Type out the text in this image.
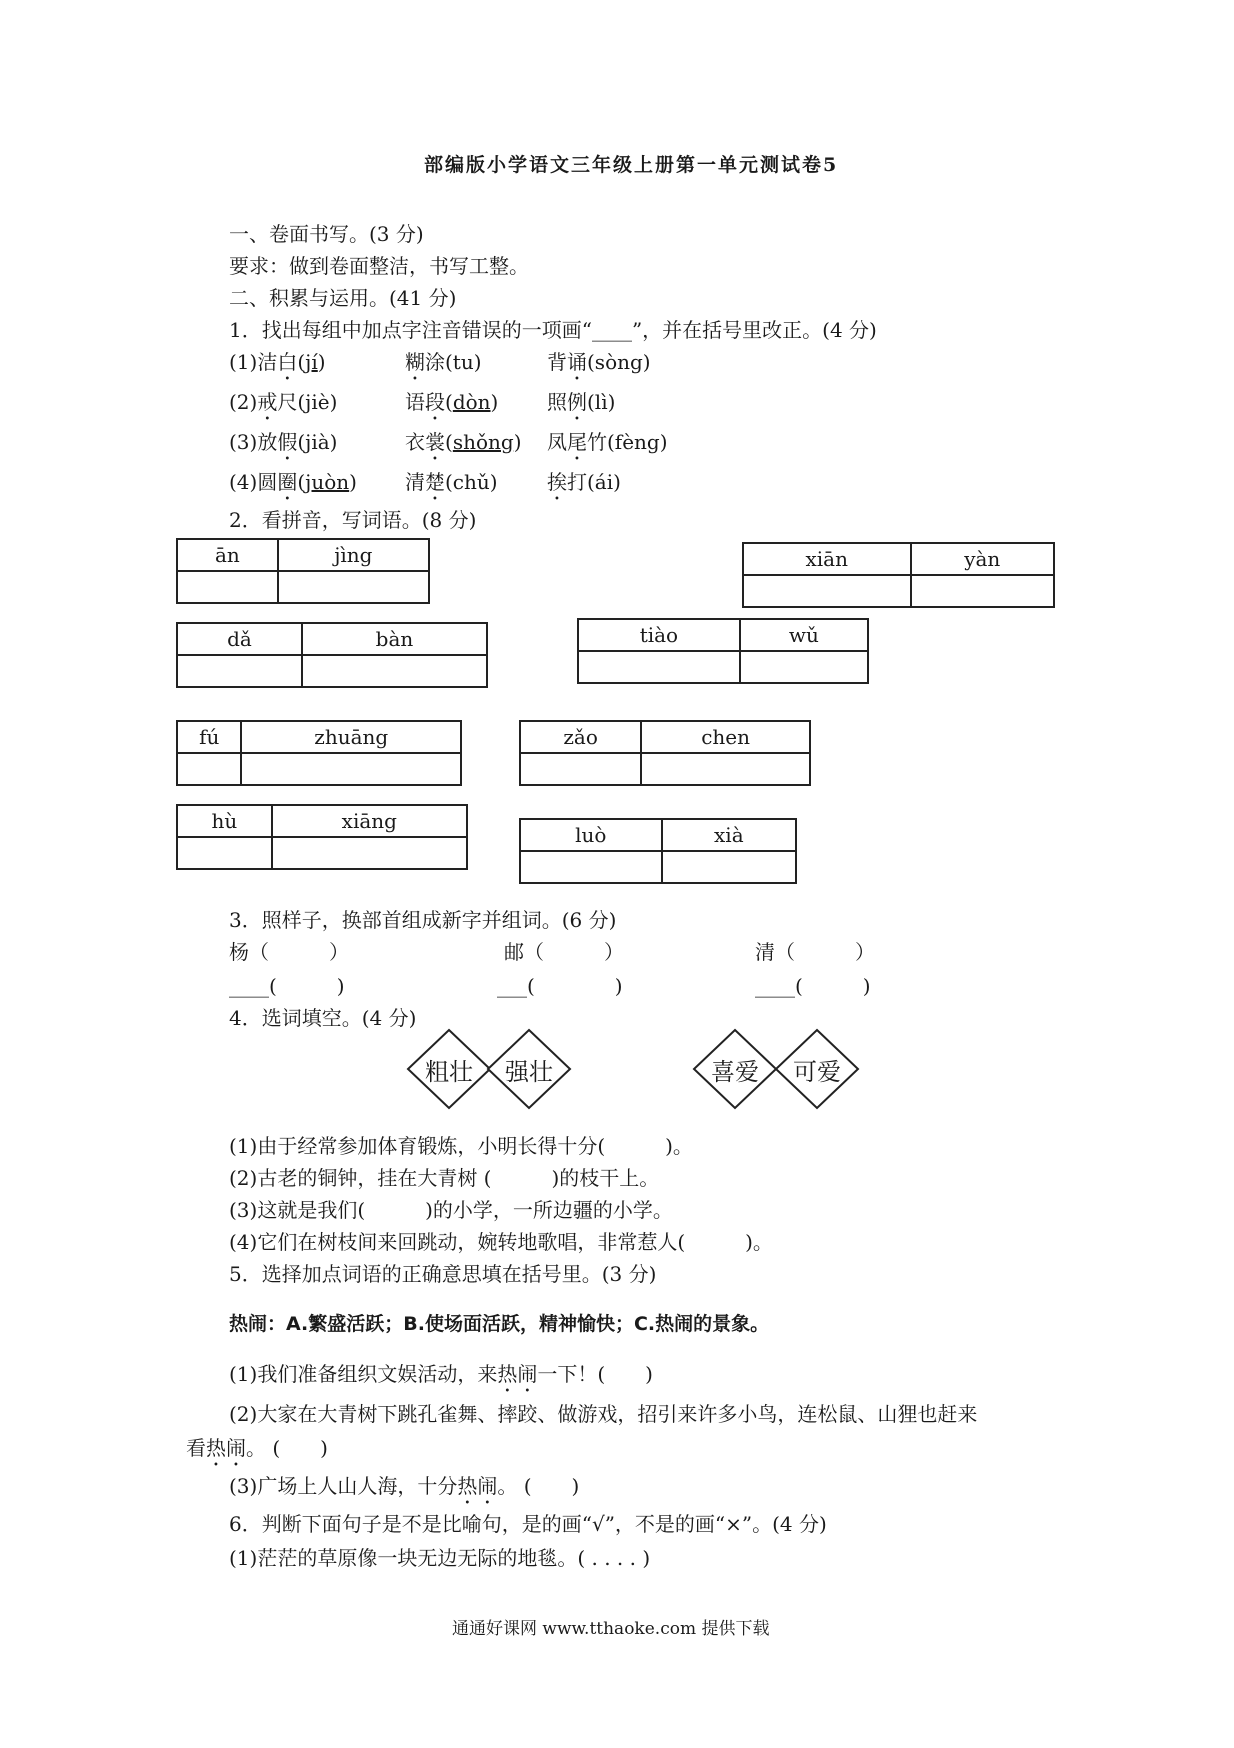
部编版小学语文三年级上册第一单元测试卷5
一、卷面书写。(3 分)
要求：做到卷面整洁，书写工整。
二、积累与运用。(41 分)
1．找出每组中加点字注音错误的一项画“____”，并在括号里改正。(4 分)
(1)洁白(jí)	糊涂(tu)	背诵(sòng)
(2)戒尺(jiè)	语段(dòn) 照例(lì)
(3)放假(jià)	衣裳(shǒng) 凤尾竹(fèng)
(4)圆圈(juòn) 清楚(chǔ) 挨打(ái)
2．看拼音，写词语。(8 分)
ān	jìng
		xiān	yàn

dǎ	bàn
		tiào	wǔ

fú	zhuāng
		zǎo	chen

hù	xiāng

luò	xià

3．照样子，换部首组成新字并组词。(6 分)
杨（　　　）	邮（　　　）	清（　　　）
____(　　　)	___(　　　　)	____(　　　)
4．选词填空。(4 分)
粗壮	强壮	喜爱	可爱
(1)由于经常参加体育锻炼，小明长得十分(　　　)。
(2)古老的铜钟，挂在大青树 (　　　)的枝干上。
(3)这就是我们(　　　)的小学，一所边疆的小学。
(4)它们在树枝间来回跳动，婉转地歌唱，非常惹人(　　　)。
5．选择加点词语的正确意思填在括号里。(3 分)
热闹：A.繁盛活跃；B.使场面活跃，精神愉快；C.热闹的景象。
(1)我们准备组织文娱活动，来热闹一下！(　　)
(2)大家在大青树下跳孔雀舞、摔跤、做游戏，招引来许多小鸟，连松鼠、山狸也赶来
看热闹。 (　　)
(3)广场上人山人海，十分热闹。 (　　)
6．判断下面句子是不是比喻句，是的画“√”，不是的画“×”。(4 分)
(1)茫茫的草原像一块无边无际的地毯。( . . . . )
通通好课网 www.tthaoke.com 提供下载
